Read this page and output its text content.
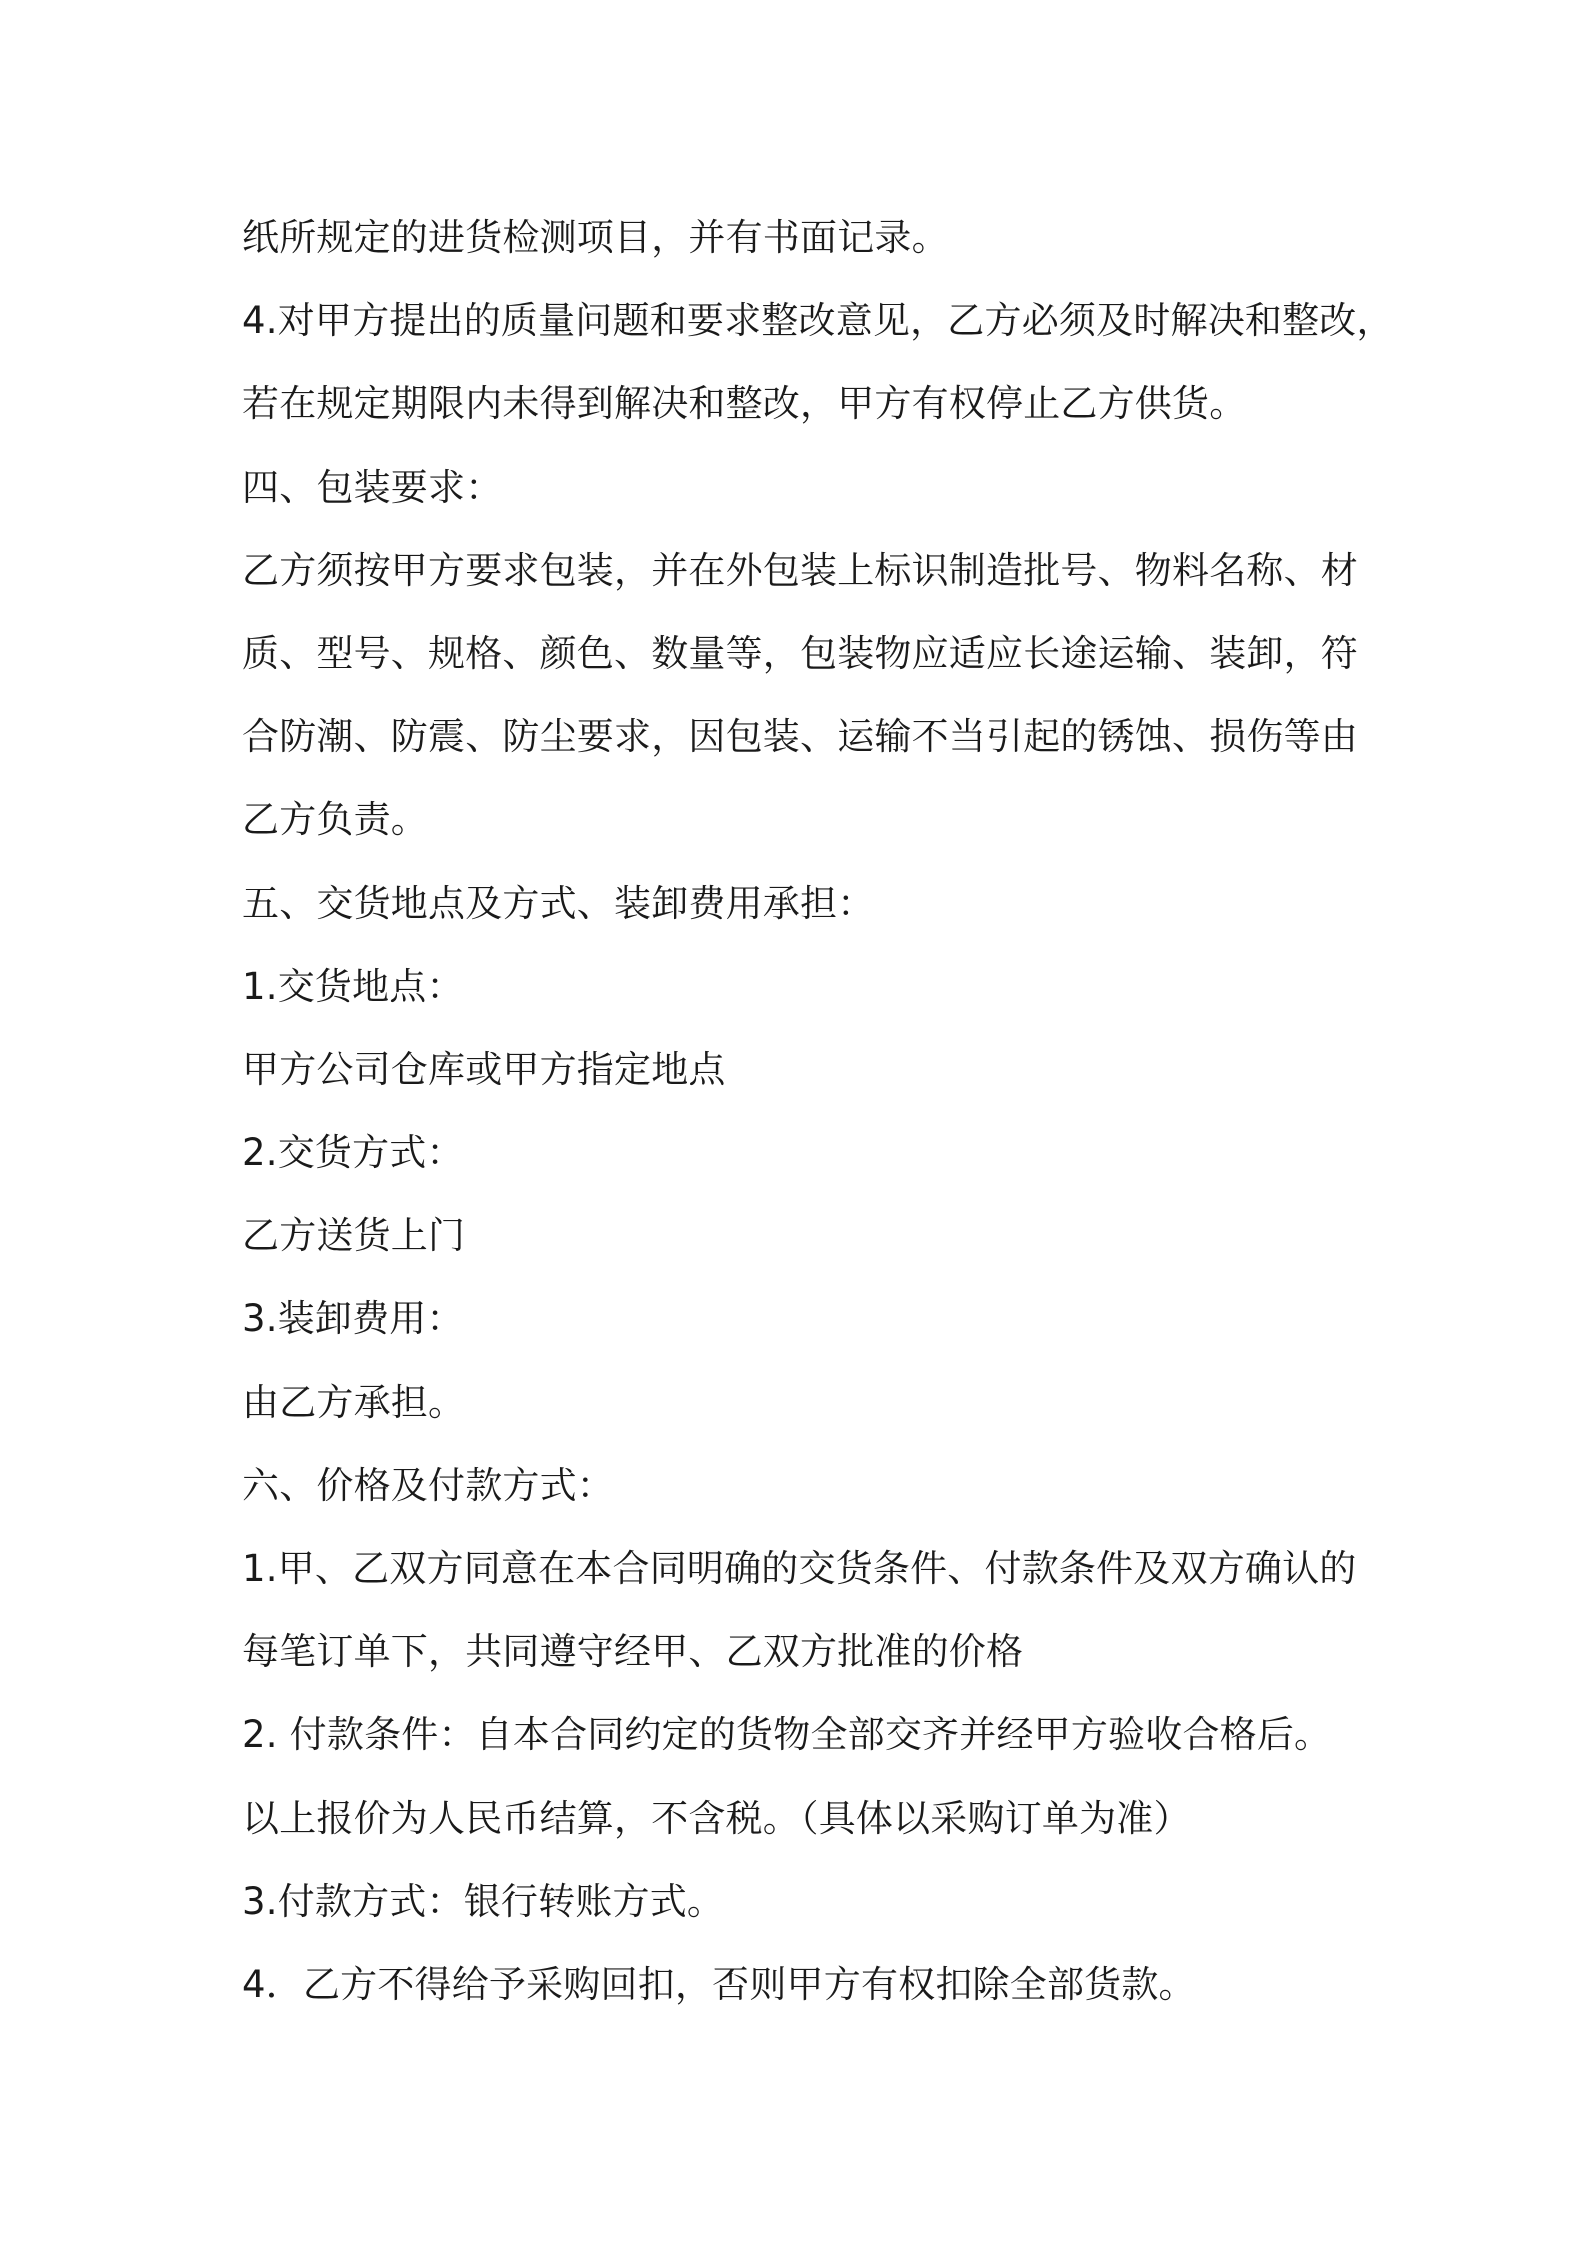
纸所规定的进货检测项目，并有书面记录。
4.对甲方提出的质量问题和要求整改意见，乙方必须及时解决和整改，
若在规定期限内未得到解决和整改，甲方有权停止乙方供货。
四、包装要求：
乙方须按甲方要求包装，并在外包装上标识制造批号、物料名称、材
质、型号、规格、颜色、数量等，包装物应适应长途运输、装卸，符
合防潮、防震、防尘要求，因包装、运输不当引起的锈蚀、损伤等由
乙方负责。
五、交货地点及方式、装卸费用承担：
1.交货地点：
甲方公司仓库或甲方指定地点
2.交货方式：
乙方送货上门
3.装卸费用：
由乙方承担。
六、价格及付款方式：
1.甲、乙双方同意在本合同明确的交货条件、付款条件及双方确认的
每笔订单下，共同遵守经甲、乙双方批准的价格
2. 付款条件：自本合同约定的货物全部交齐并经甲方验收合格后。
以上报价为人民币结算，不含税。（具体以采购订单为准）
3.付款方式：银行转账方式。
4．乙方不得给予采购回扣，否则甲方有权扣除全部货款。
